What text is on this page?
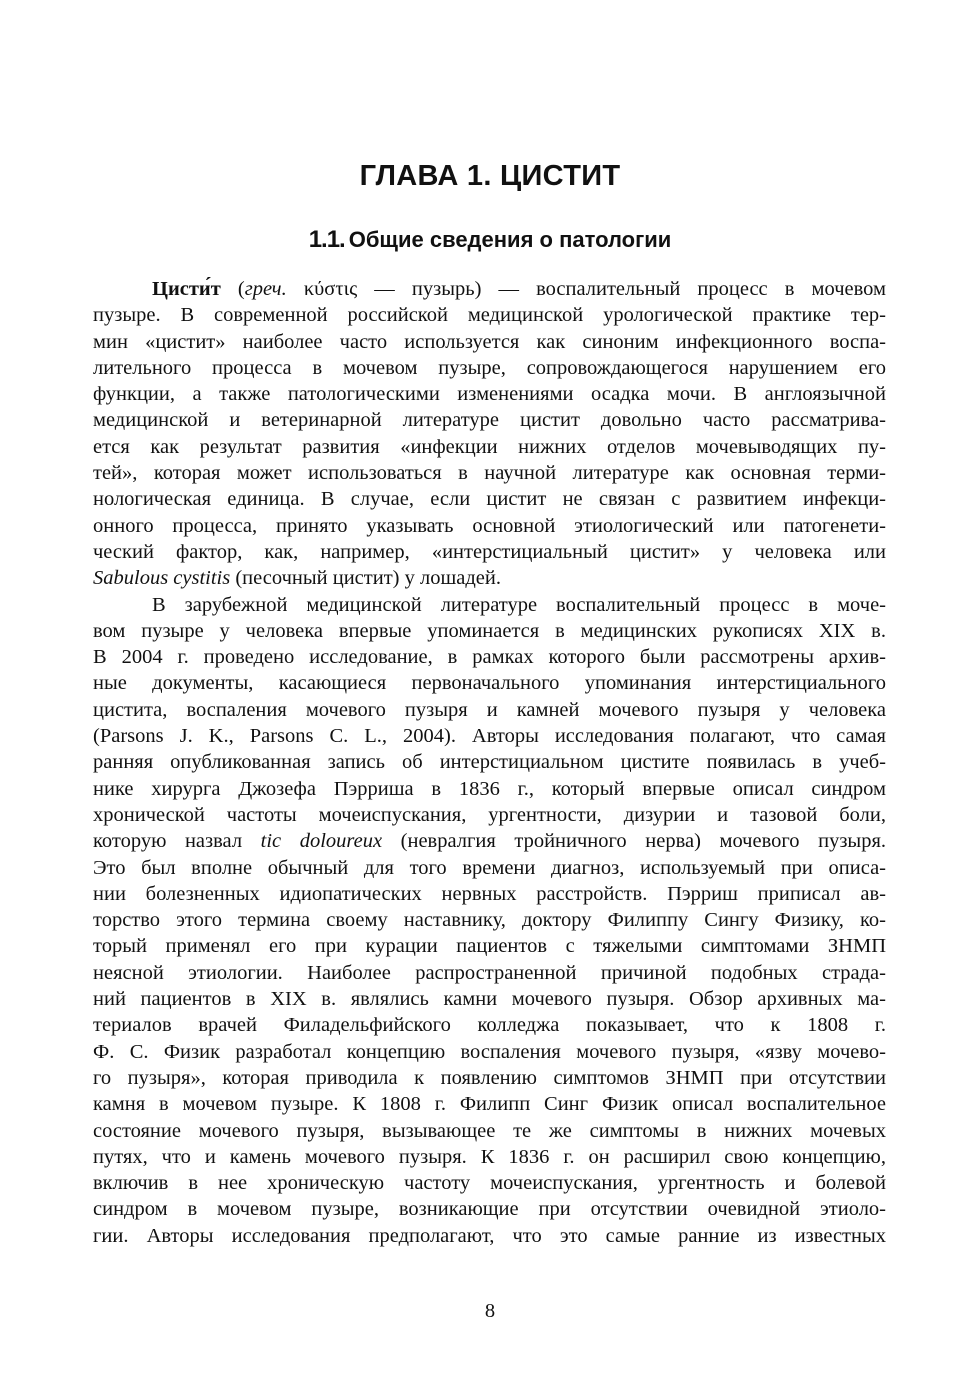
ГЛАВА 1. ЦИСТИТ
1.1. Общие сведения о патологии
Цисти́т (греч. κύστις — пузырь) — воспалительный процесс в мочевом
пузыре. В современной российской медицинской урологической практике тер-
мин «цистит» наиболее часто используется как синоним инфекционного воспа-
лительного процесса в мочевом пузыре, сопровождающегося нарушением его
функции, а также патологическими изменениями осадка мочи. В англоязычной
медицинской и ветеринарной литературе цистит довольно часто рассматрива-
ется как результат развития «инфекции нижних отделов мочевыводящих пу-
тей», которая может использоваться в научной литературе как основная терми-
нологическая единица. В случае, если цистит не связан с развитием инфекци-
онного процесса, принято указывать основной этиологический или патогенети-
ческий фактор, как, например, «интерстициальный цистит» у человека или
Sabulous cystitis (песочный цистит) у лошадей.
В зарубежной медицинской литературе воспалительный процесс в моче-
вом пузыре у человека впервые упоминается в медицинских рукописях XIX в.
В 2004 г. проведено исследование, в рамках которого были рассмотрены архив-
ные документы, касающиеся первоначального упоминания интерстициального
цистита, воспаления мочевого пузыря и камней мочевого пузыря у человека
(Parsons J. K., Parsons C. L., 2004). Авторы исследования полагают, что самая
ранняя опубликованная запись об интерстициальном цистите появилась в учеб-
нике хирурга Джозефа Пэрриша в 1836 г., который впервые описал синдром
хронической частоты мочеиспускания, ургентности, дизурии и тазовой боли,
которую назвал tic doloureux (невралгия тройничного нерва) мочевого пузыря.
Это был вполне обычный для того времени диагноз, используемый при описа-
нии болезненных идиопатических нервных расстройств. Пэрриш приписал ав-
торство этого термина своему наставнику, доктору Филиппу Сингу Физику, ко-
торый применял его при курации пациентов с тяжелыми симптомами ЗНМП
неясной этиологии. Наиболее распространенной причиной подобных страда-
ний пациентов в XIX в. являлись камни мочевого пузыря. Обзор архивных ма-
териалов врачей Филадельфийского колледжа показывает, что к 1808 г.
Ф. С. Физик разработал концепцию воспаления мочевого пузыря, «язву мочево-
го пузыря», которая приводила к появлению симптомов ЗНМП при отсутствии
камня в мочевом пузыре. К 1808 г. Филипп Синг Физик описал воспалительное
состояние мочевого пузыря, вызывающее те же симптомы в нижних мочевых
путях, что и камень мочевого пузыря. К 1836 г. он расширил свою концепцию,
включив в нее хроническую частоту мочеиспускания, ургентность и болевой
синдром в мочевом пузыре, возникающие при отсутствии очевидной этиоло-
гии. Авторы исследования предполагают, что это самые ранние из известных

8
